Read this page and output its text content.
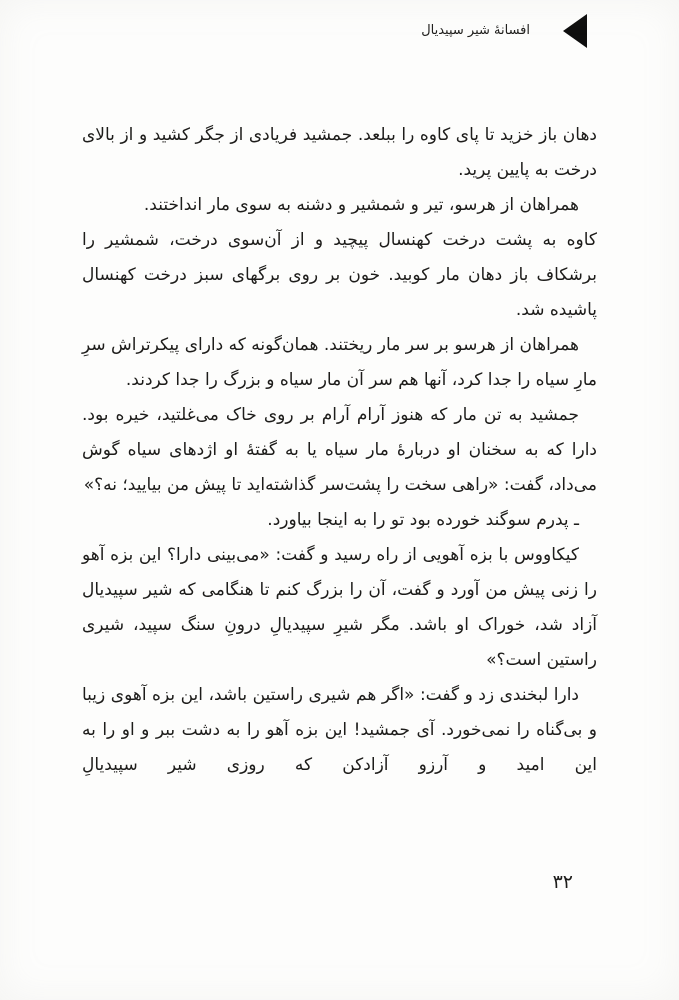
افسانهٔ شیر سپیدیال

دهان باز خزید تا پای کاوه را ببلعد. جمشید فریادی از جگر کشید و از بالای درخت به پایین پرید.

همراهان از هرسو، تیر و شمشیر و دشنه به سوی مار انداختند.

کاوه به پشت درخت کهنسال پیچید و از آن‌سوی درخت، شمشیر را برشکاف باز دهان مار کوبید. خون بر روی برگهای سبز درخت کهنسال پاشیده شد.

همراهان از هرسو بر سر مار ریختند. همان‌گونه که دارای پیکرتراش سرِ مارِ سیاه را جدا کرد، آنها هم سر آن مار سیاه و بزرگ را جدا کردند.

جمشید به تن مار که هنوز آرام آرام بر روی خاک می‌غلتید، خیره بود. دارا که به سخنان او دربارهٔ مار سیاه یا به گفتهٔ او اژدهای سیاه گوش می‌داد، گفت: «راهی سخت را پشت‌سر گذاشته‌اید تا پیش من بیایید؛ نه؟»

ـ پدرم سوگند خورده بود تو را به اینجا بیاورد.

کیکاووس با بزه آهویی از راه رسید و گفت: «می‌بینی دارا؟ این بزه آهو را زنی پیش من آورد و گفت، آن را بزرگ کنم تا هنگامی که شیر سپیدیال آزاد شد، خوراک او باشد. مگر شیرِ سپیدیالِ درونِ سنگ سپید، شیری راستین است؟»

دارا لبخندی زد و گفت: «اگر هم شیری راستین باشد، این بزه آهوی زیبا و بی‌گناه را نمی‌خورد. آی جمشید! این بزه آهو را به دشت ببر و او را به این امید و آرزو آزادکن که روزی شیر سپیدیالِ

۳۲
